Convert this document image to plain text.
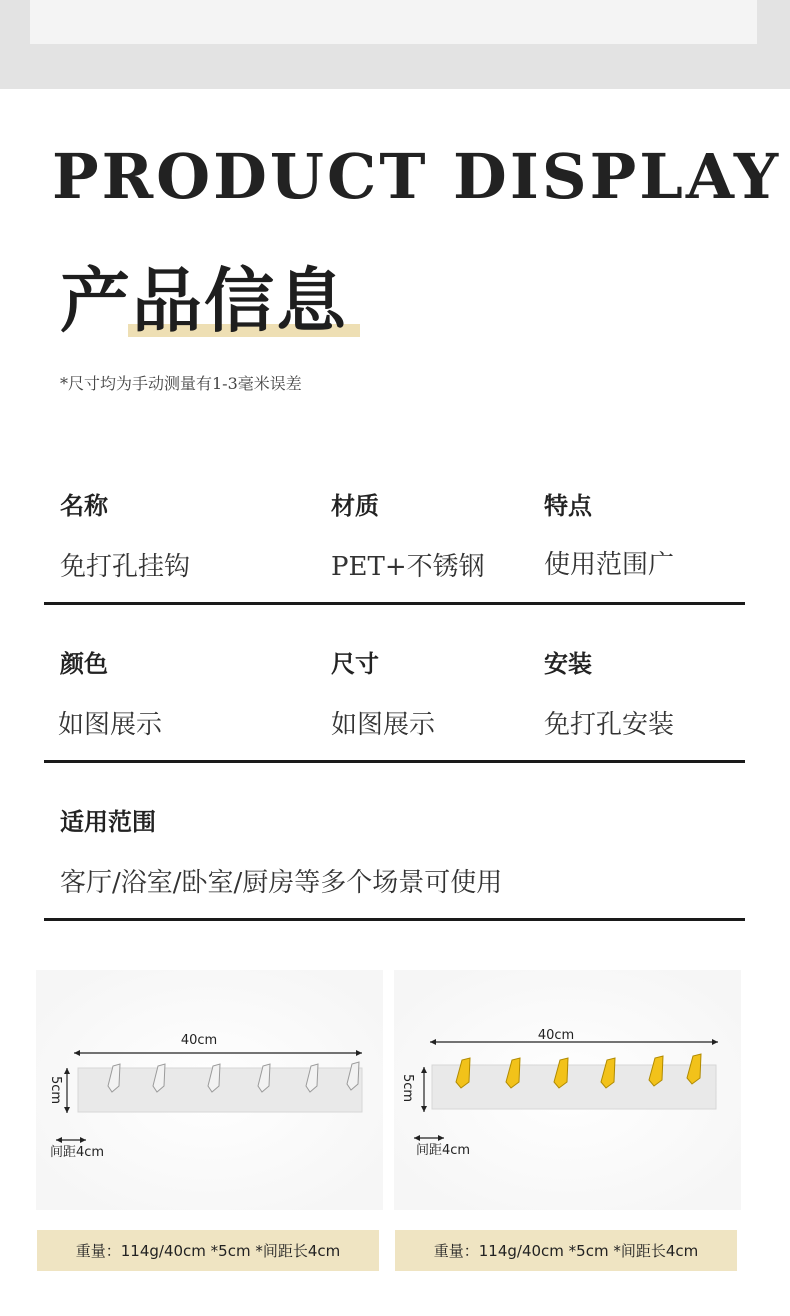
PRODUCT DISPLAY
产品信息
*尺寸均为手动测量有1-3毫米误差
名称
免打孔挂钩
材质
PET+不锈钢
特点
使用范围广
颜色
如图展示
尺寸
如图展示
安装
免打孔安装
适用范围
客厅/浴室/卧室/厨房等多个场景可使用
40cm
5cm
间距4cm
40cm
5cm
间距4cm
重量：114g/40cm *5cm *间距长4cm	重量：114g/40cm *5cm *间距长4cm
